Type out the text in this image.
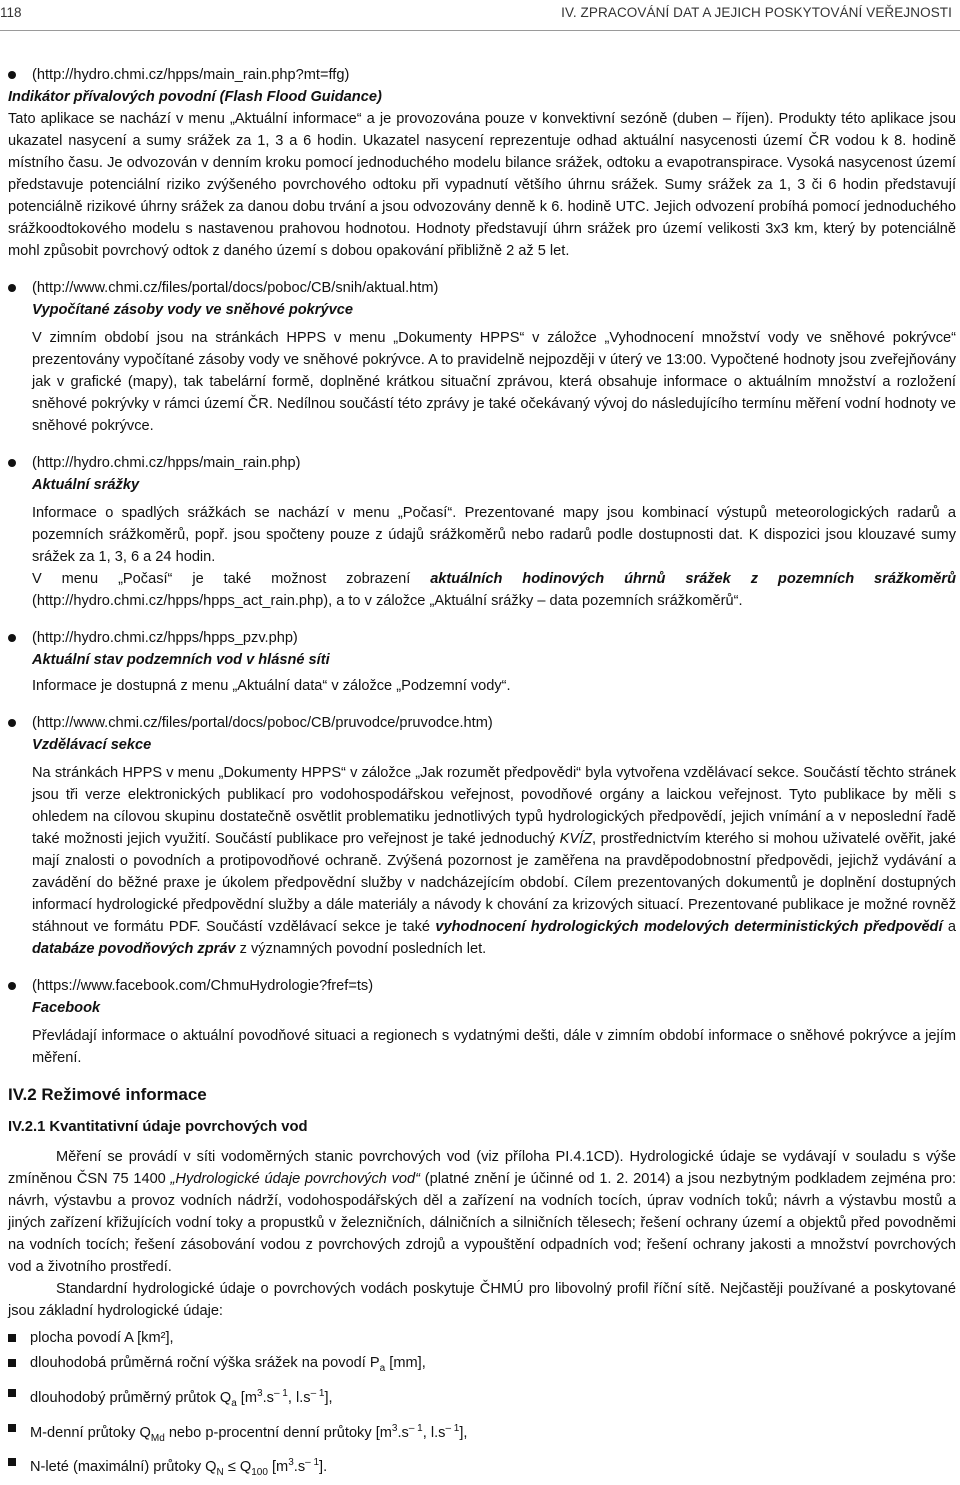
118	IV. ZPRACOVÁNÍ DAT A JEJICH POSKYTOVÁNÍ VEŘEJNOSTI

(http://hydro.chmi.cz/hpps/main_rain.php?mt=ffg)

Indikátor přívalových povodní (Flash Flood Guidance)

Tato aplikace se nachází v menu „Aktuální informace“ a je provozována pouze v konvektivní sezóně (duben – říjen). Produkty této aplikace jsou ukazatel nasycení a sumy srážek za 1, 3 a 6 hodin. Ukazatel nasycení reprezentuje odhad aktuální nasycenosti území ČR vodou k 8. hodině místního času. Je odvozován v denním kroku pomocí jednoduchého modelu bilance srážek, odtoku a evapotranspirace. Vysoká nasycenost území představuje potenciální riziko zvýšeného povrchového odtoku při vypadnutí většího úhrnu srážek. Sumy srážek za 1, 3 či 6 hodin představují potenciálně rizikové úhrny srážek za danou dobu trvání a jsou odvozovány denně k 6. hodině UTC. Jejich odvození probíhá pomocí jednoduchého srážkoodtokového modelu s nastavenou prahovou hodnotou. Hodnoty představují úhrn srážek pro území velikosti 3x3 km, který by potenciálně mohl způsobit povrchový odtok z daného území s dobou opakování přibližně 2 až 5 let.

(http://www.chmi.cz/files/portal/docs/poboc/CB/snih/aktual.htm)

Vypočítané zásoby vody ve sněhové pokrývce

V zimním období jsou na stránkách HPPS v menu „Dokumenty HPPS“ v záložce „Vyhodnocení množství vody ve sněhové pokrývce“ prezentovány vypočítané zásoby vody ve sněhové pokrývce. A to pravidelně nejpozději v úterý ve 13:00. Vypočtené hodnoty jsou zveřejňovány jak v grafické (mapy), tak tabelární formě, doplněné krátkou situační zprávou, která obsahuje informace o aktuálním množství a rozložení sněhové pokrývky v rámci území ČR. Nedílnou součástí této zprávy je také očekávaný vývoj do následujícího termínu měření vodní hodnoty ve sněhové pokrývce.

(http://hydro.chmi.cz/hpps/main_rain.php)

Aktuální srážky

Informace o spadlých srážkách se nachází v menu „Počasí“. Prezentované mapy jsou kombinací výstupů meteorologických radarů a pozemních srážkoměrů, popř. jsou spočteny pouze z údajů srážkoměrů nebo radarů podle dostupnosti dat. K dispozici jsou klouzavé sumy srážek za 1, 3, 6 a 24 hodin.

V menu „Počasí“ je také možnost zobrazení aktuálních hodinových úhrnů srážek z pozemních srážkoměrů (http://hydro.chmi.cz/hpps/hpps_act_rain.php), a to v záložce „Aktuální srážky – data pozemních srážkoměrů“.

(http://hydro.chmi.cz/hpps/hpps_pzv.php)

Aktuální stav podzemních vod v hlásné síti

Informace je dostupná z menu „Aktuální data“ v záložce „Podzemní vody“.

(http://www.chmi.cz/files/portal/docs/poboc/CB/pruvodce/pruvodce.htm)

Vzdělávací sekce

Na stránkách HPPS v menu „Dokumenty HPPS“ v záložce „Jak rozumět předpovědi“ byla vytvořena vzdělávací sekce. Součástí těchto stránek jsou tři verze elektronických publikací pro vodohospodářskou veřejnost, povodňové orgány a laickou veřejnost. Tyto publikace by měli s ohledem na cílovou skupinu dostatečně osvětlit problematiku jednotlivých typů hydrologických předpovědí, jejich vnímání a v neposlední řadě také možnosti jejich využití. Součástí publikace pro veřejnost je také jednoduchý KVÍZ, prostřednictvím kterého si mohou uživatelé ověřit, jaké mají znalosti o povodních a protipovodňové ochraně. Zvýšená pozornost je zaměřena na pravděpodobnostní předpovědi, jejichž vydávání a zavádění do běžné praxe je úkolem předpovědní služby v nadcházejícím období. Cílem prezentovaných dokumentů je doplnění dostupných informací hydrologické předpovědní služby a dále materiály a návody k chování za krizových situací. Prezentované publikace je možné rovněž stáhnout ve formátu PDF. Součástí vzdělávací sekce je také vyhodnocení hydrologických modelových deterministických předpovědí a databáze povodňových zpráv z významných povodní posledních let.

(https://www.facebook.com/ChmuHydrologie?fref=ts)

Facebook

Převládají informace o aktuální povodňové situaci a regionech s vydatnými dešti, dále v zimním období informace o sněhové pokrývce a jejím měření.

IV.2 Režimové informace
IV.2.1 Kvantitativní údaje povrchových vod

Měření se provádí v síti vodoměrných stanic povrchových vod (viz příloha PI.4.1CD). Hydrologické údaje se vydávají v souladu s výše zmíněnou ČSN 75 1400 „Hydrologické údaje povrchových vod“ (platné znění je účinné od 1. 2. 2014) a jsou nezbytným podkladem zejména pro: návrh, výstavbu a provoz vodních nádrží, vodohospodářských děl a zařízení na vodních tocích, úprav vodních toků; návrh a výstavbu mostů a jiných zařízení křižujících vodní toky a propustků v železničních, dálničních a silničních tělesech; řešení ochrany území a objektů před povodněmi na vodních tocích; řešení zásobování vodou z povrchových zdrojů a vypouštění odpadních vod; řešení ochrany jakosti a množství povrchových vod a životního prostředí.

Standardní hydrologické údaje o povrchových vodách poskytuje ČHMÚ pro libovolný profil říční sítě. Nejčastěji používané a poskytované jsou základní hydrologické údaje:

plocha povodí A [km²],
dlouhodobá průměrná roční výška srážek na povodí $P_a$ [mm],
dlouhodobý průměrný průtok $Q_a$ [$m^3.s^{- 1}$, $l.s^{- 1}$],
M-denní průtoky $Q_{Md}$ nebo p-procentní denní průtoky [$m^3.s^{- 1}$, $l.s^{- 1}$],
N-leté (maximální) průtoky $Q_N \le Q_{100}$ $[m^3.s^{- 1}]$.
